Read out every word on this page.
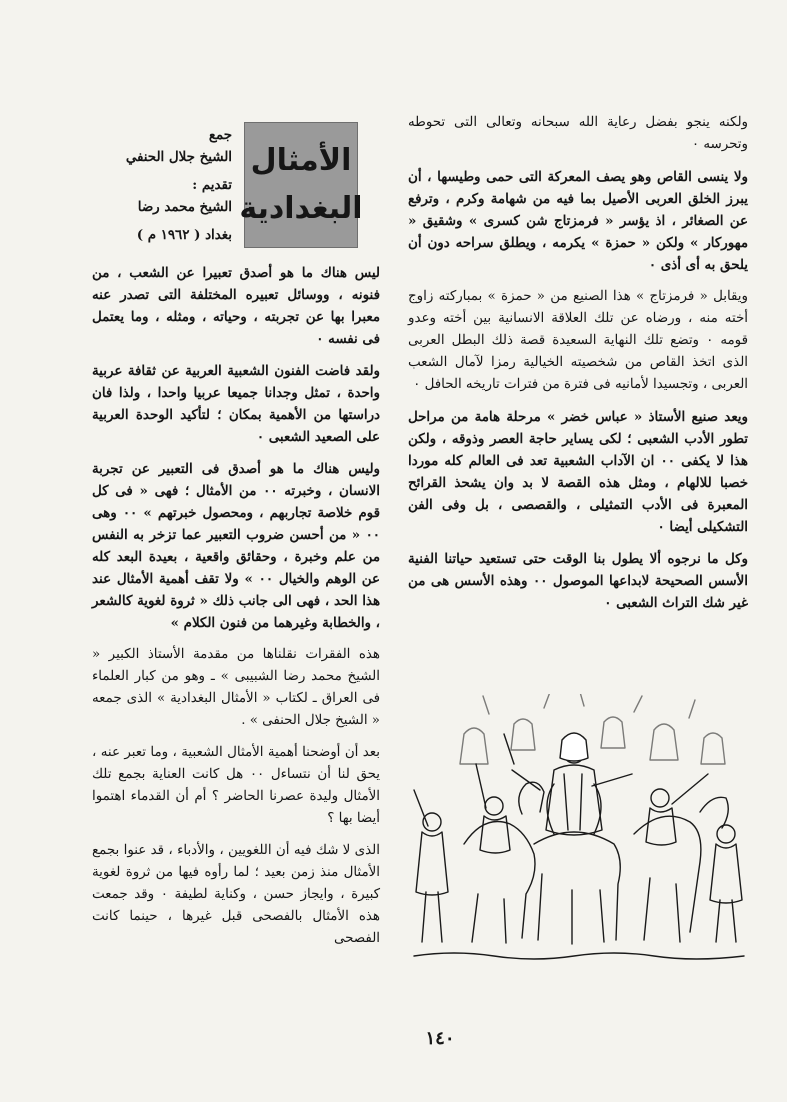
الأمثال
البغدادية
جمع
الشيخ جلال الحنفي
تقديم :
الشيخ محمد رضا
بغداد ( ١٩٦٢ م )

ولكنه ينجو بفضل رعاية الله سبحانه وتعالى التى تحوطه وتحرسه ٠

ولا ينسى القاص وهو يصف المعركة التى حمى وطيسها ، أن يبرز الخلق العربى الأصيل بما فيه من شهامة وكرم ، وترفع عن الصغائر ، اذ يؤسر « فرمزتاج شن كسرى » وشقيق « مهوركار » ولكن « حمزة » يكرمه ، ويطلق سراحه دون أن يلحق به أى أذى ٠

ويقابل « فرمزتاج » هذا الصنيع من « حمزة » بمباركته زاوج أخته منه ، ورضاه عن تلك العلاقة الانسانية بين أخته وعدو قومه ٠ وتضع تلك النهاية السعيدة قصة ذلك البطل العربى الذى اتخذ القاص من شخصيته الخيالية رمزا لآمال الشعب العربى ، وتجسيدا لأمانيه فى فترة من فترات تاريخه الحافل ٠

ويعد صنيع الأستاذ « عباس خضر » مرحلة هامة من مراحل تطور الأدب الشعبى ؛ لكى يساير حاجة العصر وذوقه ، ولكن هذا لا يكفى ٠٠ ان الآداب الشعبية تعد فى العالم كله موردا خصبا للالهام ، ومثل هذه القصة لا بد وان يشحذ القرائح المعبرة فى الأدب التمثيلى ، والقصصى ، بل وفى الفن التشكيلى أيضا ٠

وكل ما نرجوه ألا يطول بنا الوقت حتى تستعيد حياتنا الفنية الأسس الصحيحة لابداعها الموصول ٠٠ وهذه الأسس هى من غير شك التراث الشعبى ٠

ليس هناك ما هو أصدق تعبيرا عن الشعب ، من فنونه ، ووسائل تعبيره المختلفة التى تصدر عنه معبرا بها عن تجربته ، وحياته ، ومثله ، وما يعتمل فى نفسه ٠

ولقد فاضت الفنون الشعبية العربية عن ثقافة عربية واحدة ، تمثل وجدانا جميعا عربيا واحدا ، ولذا فان دراستها من الأهمية بمكان ؛ لتأكيد الوحدة العربية على الصعيد الشعبى ٠

وليس هناك ما هو أصدق فى التعبير عن تجربة الانسان ، وخبرته ٠٠ من الأمثال ؛ فهى « فى كل قوم خلاصة تجاربهم ، ومحصول خبرتهم » ٠٠ وهى ٠٠ « من أحسن ضروب التعبير عما تزخر به النفس من علم وخبرة ، وحقائق واقعية ، بعيدة البعد كله عن الوهم والخيال ٠٠ » ولا تقف أهمية الأمثال عند هذا الحد ، فهى الى جانب ذلك « ثروة لغوية كالشعر ، والخطابة وغيرهما من فنون الكلام »

هذه الفقرات نقلناها من مقدمة الأستاذ الكبير « الشيخ محمد رضا الشبيبى » ـ وهو من كبار العلماء فى العراق ـ لكتاب « الأمثال البغدادية » الذى جمعه « الشيخ جلال الحنفى » .

بعد أن أوضحنا أهمية الأمثال الشعبية ، وما تعبر عنه ، يحق لنا أن نتساءل ٠٠ هل كانت العناية بجمع تلك الأمثال وليدة عصرنا الحاضر ؟ أم أن القدماء اهتموا أيضا بها ؟

الذى لا شك فيه أن اللغويين ، والأدباء ، قد عنوا بجمع الأمثال منذ زمن بعيد ؛ لما رأوه فيها من ثروة لغوية كبيرة ، وايجاز حسن ، وكناية لطيفة ٠ وقد جمعت هذه الأمثال بالفصحى قبل غيرها ، حينما كانت الفصحى

١٤٠
